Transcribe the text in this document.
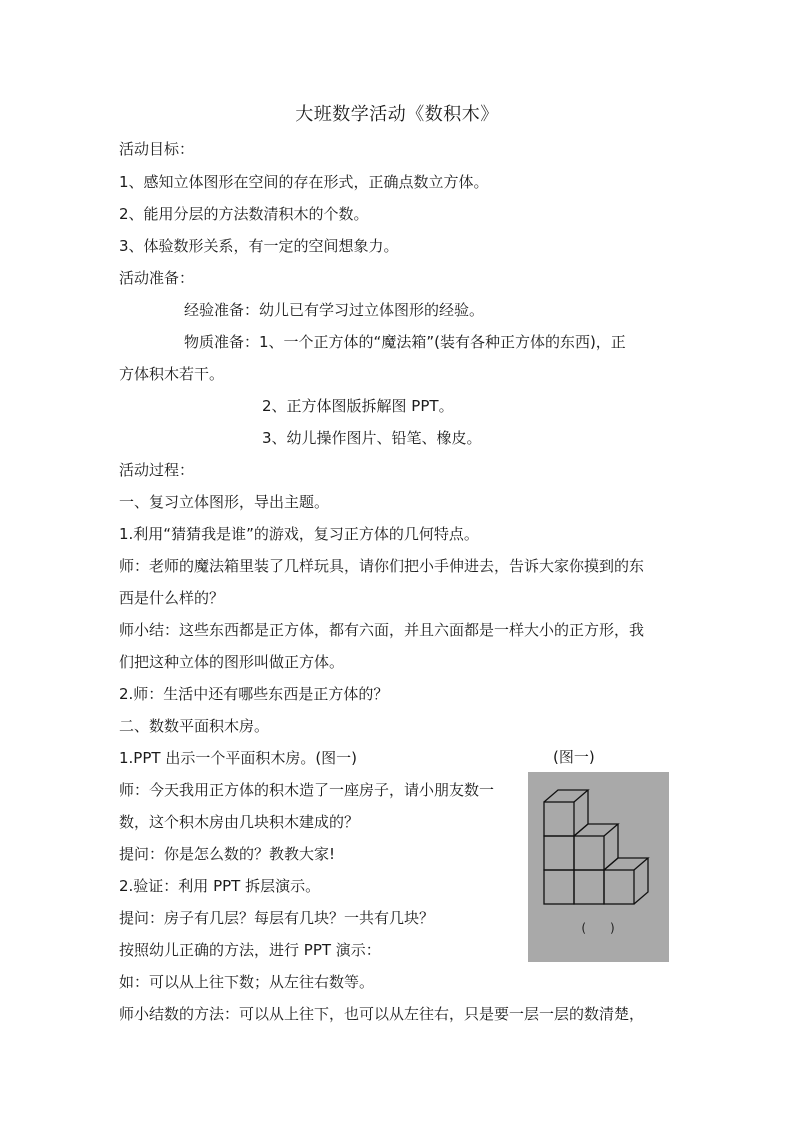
大班数学活动《数积木》
活动目标：
1、感知立体图形在空间的存在形式，正确点数立方体。
2、能用分层的方法数清积木的个数。
3、体验数形关系，有一定的空间想象力。
活动准备：
经验准备：幼儿已有学习过立体图形的经验。
物质准备：1、一个正方体的“魔法箱”(装有各种正方体的东西)，正
方体积木若干。
2、正方体图版拆解图 PPT。
3、幼儿操作图片、铅笔、橡皮。
活动过程：
一、复习立体图形，导出主题。
1.利用“猜猜我是谁”的游戏，复习正方体的几何特点。
师：老师的魔法箱里装了几样玩具，请你们把小手伸进去，告诉大家你摸到的东
西是什么样的？
师小结：这些东西都是正方体，都有六面，并且六面都是一样大小的正方形，我
们把这种立体的图形叫做正方体。
2.师：生活中还有哪些东西是正方体的？
二、数数平面积木房。
1.PPT 出示一个平面积木房。(图一)
师：今天我用正方体的积木造了一座房子，请小朋友数一
数，这个积木房由几块积木建成的？
提问：你是怎么数的？教教大家!
2.验证：利用 PPT 拆层演示。
提问：房子有几层？每层有几块？一共有几块？
按照幼儿正确的方法，进行 PPT 演示：
如：可以从上往下数；从左往右数等。
师小结数的方法：可以从上往下，也可以从左往右，只是要一层一层的数清楚，
(图一)
(　　)
